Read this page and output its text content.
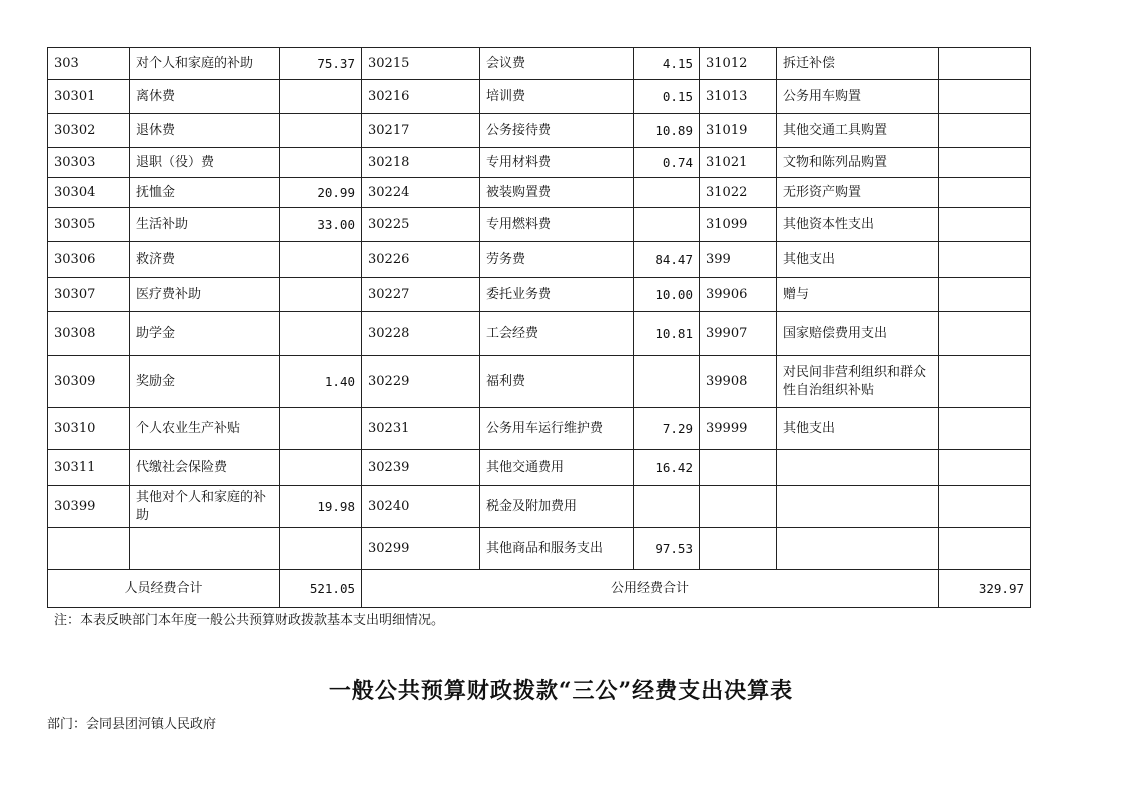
303	对个人和家庭的补助	75.37	30215	会议费	4.15	31012	拆迁补偿	
30301	离休费		30216	培训费	0.15	31013	公务用车购置	
30302	退休费		30217	公务接待费	10.89	31019	其他交通工具购置	
30303	退职（役）费		30218	专用材料费	0.74	31021	文物和陈列品购置	
30304	抚恤金	20.99	30224	被装购置费		31022	无形资产购置	
30305	生活补助	33.00	30225	专用燃料费		31099	其他资本性支出	
30306	救济费		30226	劳务费	84.47	399	其他支出	
30307	医疗费补助		30227	委托业务费	10.00	39906	赠与	
30308	助学金		30228	工会经费	10.81	39907	国家赔偿费用支出	
30309	奖励金	1.40	30229	福利费		39908	对民间非营利组织和群众性自治组织补贴	
30310	个人农业生产补贴		30231	公务用车运行维护费	7.29	39999	其他支出	
30311	代缴社会保险费		30239	其他交通费用	16.42			
30399	其他对个人和家庭的补助	19.98	30240	税金及附加费用				
			30299	其他商品和服务支出	97.53			
人员经费合计		521.05	公用经费合计					329.97
注：本表反映部门本年度一般公共预算财政拨款基本支出明细情况。
一般公共预算财政拨款“三公”经费支出决算表
部门：会同县团河镇人民政府
